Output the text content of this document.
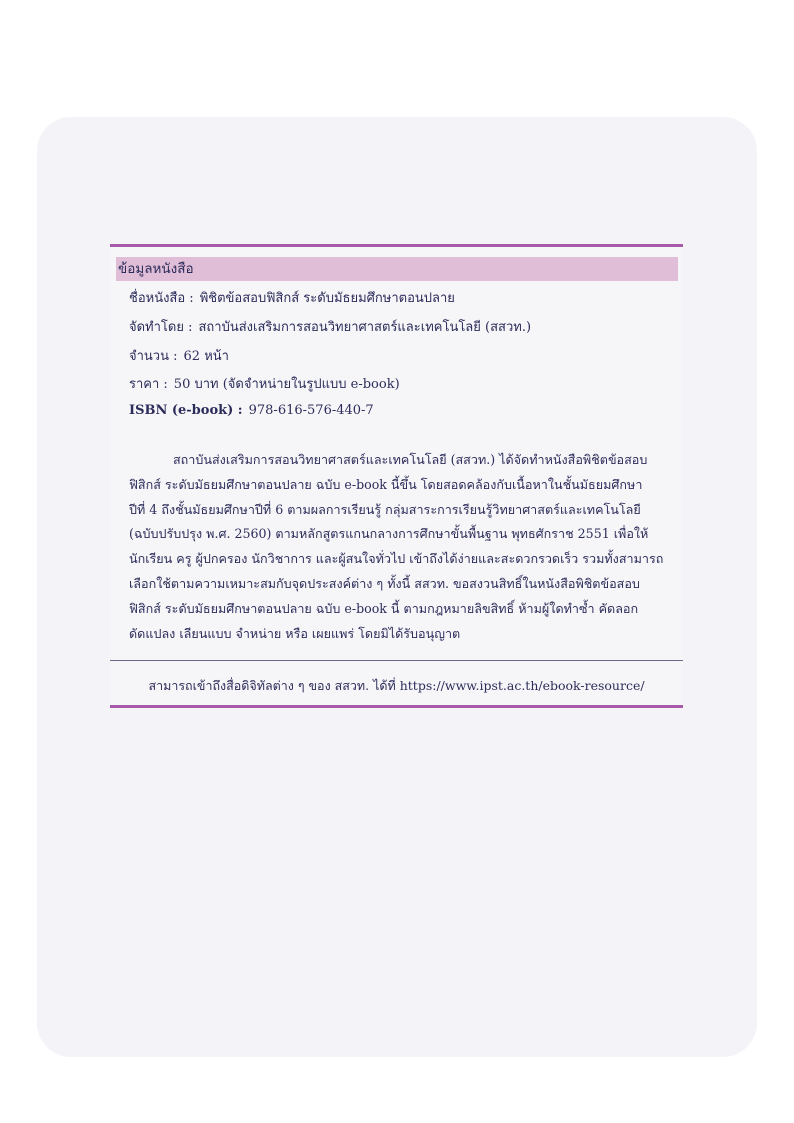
ข้อมูลหนังสือ
ชื่อหนังสือ : พิชิตข้อสอบฟิสิกส์ ระดับมัธยมศึกษาตอนปลาย
จัดทำโดย : สถาบันส่งเสริมการสอนวิทยาศาสตร์และเทคโนโลยี (สสวท.)
จำนวน : 62 หน้า
ราคา : 50 บาท (จัดจำหน่ายในรูปแบบ e-book)
ISBN (e-book) : 978-616-576-440-7
สถาบันส่งเสริมการสอนวิทยาศาสตร์และเทคโนโลยี (สสวท.) ได้จัดทำหนังสือพิชิตข้อสอบ
ฟิสิกส์ ระดับมัธยมศึกษาตอนปลาย ฉบับ e-book นี้ขึ้น โดยสอดคล้องกับเนื้อหาในชั้นมัธยมศึกษา
ปีที่ 4 ถึงชั้นมัธยมศึกษาปีที่ 6 ตามผลการเรียนรู้ กลุ่มสาระการเรียนรู้วิทยาศาสตร์และเทคโนโลยี
(ฉบับปรับปรุง พ.ศ. 2560) ตามหลักสูตรแกนกลางการศึกษาขั้นพื้นฐาน พุทธศักราช 2551 เพื่อให้
นักเรียน ครู ผู้ปกครอง นักวิชาการ และผู้สนใจทั่วไป เข้าถึงได้ง่ายและสะดวกรวดเร็ว รวมทั้งสามารถ
เลือกใช้ตามความเหมาะสมกับจุดประสงค์ต่าง ๆ ทั้งนี้ สสวท. ขอสงวนสิทธิ์ในหนังสือพิชิตข้อสอบ
ฟิสิกส์ ระดับมัธยมศึกษาตอนปลาย ฉบับ e-book นี้ ตามกฎหมายลิขสิทธิ์ ห้ามผู้ใดทำซ้ำ คัดลอก
ดัดแปลง เลียนแบบ จำหน่าย หรือ เผยแพร่ โดยมิได้รับอนุญาต
สามารถเข้าถึงสื่อดิจิทัลต่าง ๆ ของ สสวท. ได้ที่ https://www.ipst.ac.th/ebook-resource/
